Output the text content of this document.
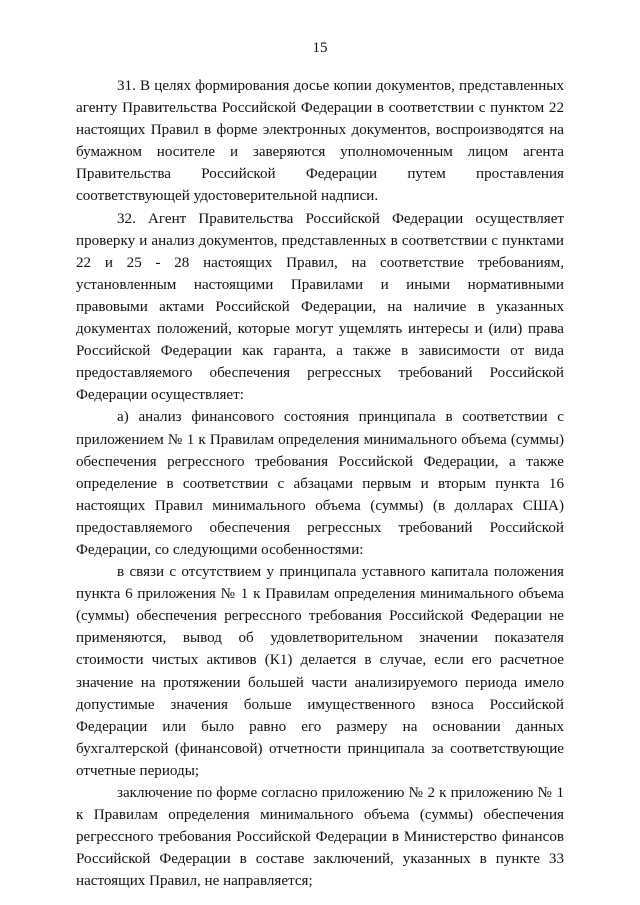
15

31. В целях формирования досье копии документов, представленных агенту Правительства Российской Федерации в соответствии с пунктом 22 настоящих Правил в форме электронных документов, воспроизводятся на бумажном носителе и заверяются уполномоченным лицом агента Правительства Российской Федерации путем проставления соответствующей удостоверительной надписи.

32. Агент Правительства Российской Федерации осуществляет проверку и анализ документов, представленных в соответствии с пунктами 22 и 25 - 28 настоящих Правил, на соответствие требованиям, установленным настоящими Правилами и иными нормативными правовыми актами Российской Федерации, на наличие в указанных документах положений, которые могут ущемлять интересы и (или) права Российской Федерации как гаранта, а также в зависимости от вида предоставляемого обеспечения регрессных требований Российской Федерации осуществляет:

а) анализ финансового состояния принципала в соответствии с приложением № 1 к Правилам определения минимального объема (суммы) обеспечения регрессного требования Российской Федерации, а также определение в соответствии с абзацами первым и вторым пункта 16 настоящих Правил минимального объема (суммы) (в долларах США) предоставляемого обеспечения регрессных требований Российской Федерации, со следующими особенностями:

в связи с отсутствием у принципала уставного капитала положения пункта 6 приложения № 1 к Правилам определения минимального объема (суммы) обеспечения регрессного требования Российской Федерации не применяются, вывод об удовлетворительном значении показателя стоимости чистых активов (К1) делается в случае, если его расчетное значение на протяжении большей части анализируемого периода имело допустимые значения больше имущественного взноса Российской Федерации или было равно его размеру на основании данных бухгалтерской (финансовой) отчетности принципала за соответствующие отчетные периоды;

заключение по форме согласно приложению № 2 к приложению № 1 к Правилам определения минимального объема (суммы) обеспечения регрессного требования Российской Федерации в Министерство финансов Российской Федерации в составе заключений, указанных в пункте 33 настоящих Правил, не направляется;
